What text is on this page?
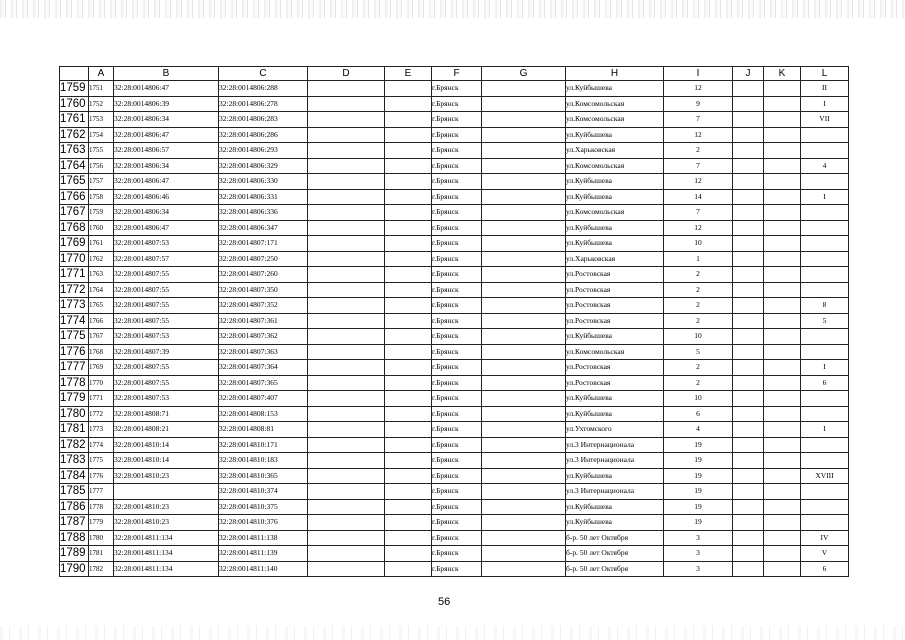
	A	B	C	D	E	F	G	H	I	J	K	L
1759	1751	32:28:0014806:47	32:28:0014806:288			г.Брянск		ул.Куйбышева	12			II
1760	1752	32:28:0014806:39	32:28:0014806:278			г.Брянск		ул.Комсомольская	9			I
1761	1753	32:28:0014806:34	32:28:0014806:283			г.Брянск		ул.Комсомольская	7			VII
1762	1754	32:28:0014806:47	32:28:0014806:286			г.Брянск		ул.Куйбышева	12			
1763	1755	32:28:0014806:57	32:28:0014806:293			г.Брянск		ул.Харьковская	2			
1764	1756	32:28:0014806:34	32:28:0014806:329			г.Брянск		ул.Комсомольская	7			4
1765	1757	32:28:0014806:47	32:28:0014806:330			г.Брянск		ул.Куйбышева	12			
1766	1758	32:28:0014806:46	32:28:0014806:331			г.Брянск		ул.Куйбышева	14			I
1767	1759	32:28:0014806:34	32:28:0014806:336			г.Брянск		ул.Комсомольская	7			
1768	1760	32:28:0014806:47	32:28:0014806:347			г.Брянск		ул.Куйбышева	12			
1769	1761	32:28:0014807:53	32:28:0014807:171			г.Брянск		ул.Куйбышева	10			
1770	1762	32:28:0014807:57	32:28:0014807:250			г.Брянск		ул.Харьковская	1			
1771	1763	32:28:0014807:55	32:28:0014807:260			г.Брянск		ул.Ростовская	2			
1772	1764	32:28:0014807:55	32:28:0014807:350			г.Брянск		ул.Ростовская	2			
1773	1765	32:28:0014807:55	32:28:0014807:352			г.Брянск		ул.Ростовская	2			8
1774	1766	32:28:0014807:55	32:28:0014807:361			г.Брянск		ул.Ростовская	2			5
1775	1767	32:28:0014807:53	32:28:0014807:362			г.Брянск		ул.Куйбышева	10			
1776	1768	32:28:0014807:39	32:28:0014807:363			г.Брянск		ул.Комсомольская	5			
1777	1769	32:28:0014807:55	32:28:0014807:364			г.Брянск		ул.Ростовская	2			I
1778	1770	32:28:0014807:55	32:28:0014807:365			г.Брянск		ул.Ростовская	2			6
1779	1771	32:28:0014807:53	32:28:0014807:407			г.Брянск		ул.Куйбышева	10			
1780	1772	32:28:0014808:71	32:28:0014808:153			г.Брянск		ул.Куйбышева	6			
1781	1773	32:28:0014808:21	32:28:0014808:81			г.Брянск		ул.Ухтомского	4			I
1782	1774	32:28:0014810:14	32:28:0014810:171			г.Брянск		ул.3 Интернационала	19			
1783	1775	32:28:0014810:14	32:28:0014810:183			г.Брянск		ул.3 Интернационала	19			
1784	1776	32:28:0014810:23	32:28:0014810:365			г.Брянск		ул.Куйбышева	19			XVIII
1785	1777		32:28:0014810:374			г.Брянск		ул.3 Интернационала	19			
1786	1778	32:28:0014810:23	32:28:0014810:375			г.Брянск		ул.Куйбышева	19			
1787	1779	32:28:0014810:23	32:28:0014810:376			г.Брянск		ул.Куйбышева	19			
1788	1780	32:28:0014811:134	32:28:0014811:138			г.Брянск		б-р. 50 лет Октября	3			IV
1789	1781	32:28:0014811:134	32:28:0014811:139			г.Брянск		б-р. 50 лет Октября	3			V
1790	1782	32:28:0014811:134	32:28:0014811:140			г.Брянск		б-р. 50 лет Октября	3			6
56
